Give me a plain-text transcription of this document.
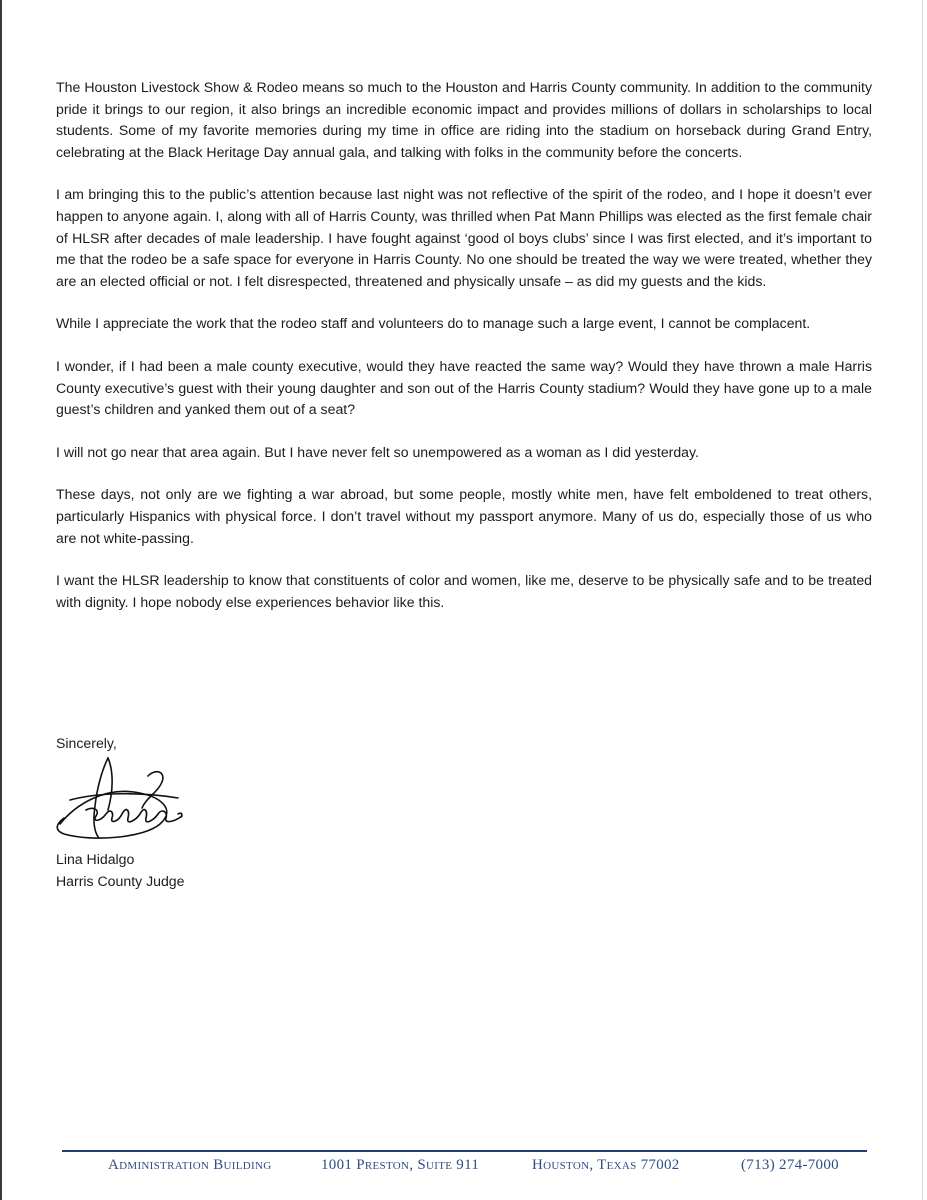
The Houston Livestock Show & Rodeo means so much to the Houston and Harris County community. In addition to the community pride it brings to our region, it also brings an incredible economic impact and provides millions of dollars in scholarships to local students. Some of my favorite memories during my time in office are riding into the stadium on horseback during Grand Entry, celebrating at the Black Heritage Day annual gala, and talking with folks in the community before the concerts.

I am bringing this to the public’s attention because last night was not reflective of the spirit of the rodeo, and I hope it doesn’t ever happen to anyone again. I, along with all of Harris County, was thrilled when Pat Mann Phillips was elected as the first female chair of HLSR after decades of male leadership. I have fought against ‘good ol boys clubs’ since I was first elected, and it’s important to me that the rodeo be a safe space for everyone in Harris County. No one should be treated the way we were treated, whether they are an elected official or not. I felt disrespected, threatened and physically unsafe – as did my guests and the kids.

While I appreciate the work that the rodeo staff and volunteers do to manage such a large event, I cannot be complacent.

I wonder, if I had been a male county executive, would they have reacted the same way? Would they have thrown a male Harris County executive’s guest with their young daughter and son out of the Harris County stadium? Would they have gone up to a male guest’s children and yanked them out of a seat?

I will not go near that area again. But I have never felt so unempowered as a woman as I did yesterday.

These days, not only are we fighting a war abroad, but some people, mostly white men, have felt emboldened to treat others, particularly Hispanics with physical force. I don’t travel without my passport anymore. Many of us do, especially those of us who are not white-passing.

I want the HLSR leadership to know that constituents of color and women, like me, deserve to be physically safe and to be treated with dignity. I hope nobody else experiences behavior like this.

Sincerely,
Lina Hidalgo
Harris County Judge
Administration Building	1001 Preston, Suite 911	Houston, Texas 77002	(713) 274-7000
